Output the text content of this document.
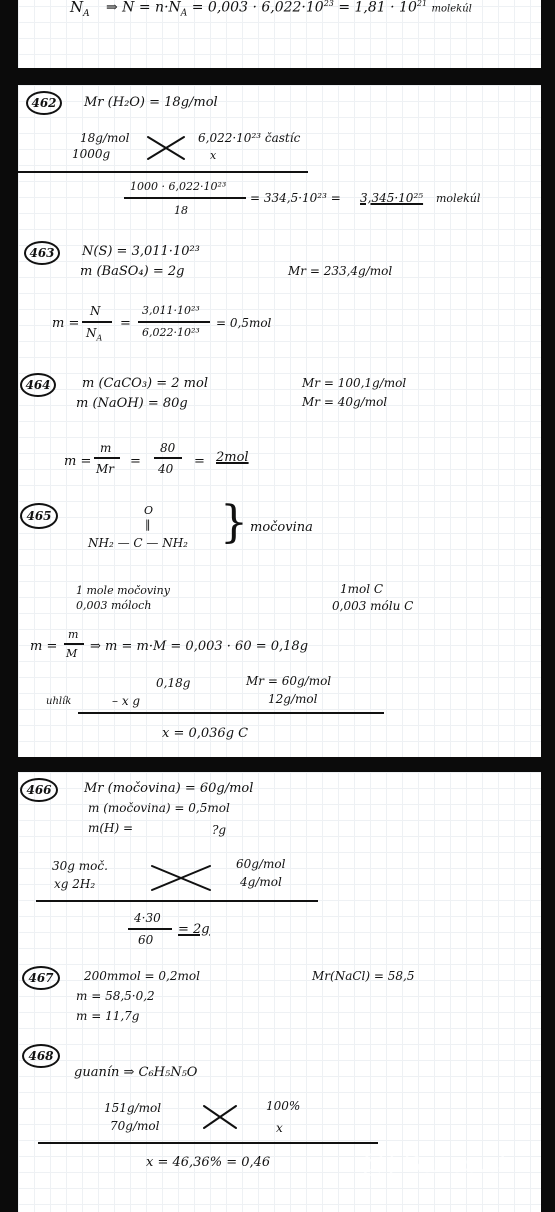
$N_A$ ⇒ $N = n\cdot N_A = 0,003 \cdot 6,022\cdot 10^{23} = 1,81 \cdot 10^{21}$ molekúl
462	Mr (H₂O) = 18g/mol
18g/mol
1000g
6,022·10²³ častíc
x
1000 · 6,022·10²³
18
= 334,5·10²³ = 3,345·10²⁵ molekúl
463	N(S) = 3,011·10²³
m (BaSO₄) = 2g	Mr = 233,4g/mol
m =
N
$N_A$
=
3,011·10²³
6,022·10²³
= 0,5mol
464	m (CaCO₃) = 2 mol
m (NaOH) = 80g
Mr = 100,1g/mol
Mr = 40g/mol
m =
m
Mr =
80
40 = 2mol
465	O
‖
NH₂ — C — NH₂ } močovina
1 mole močoviny
0,003 móloch
1mol C
0,003 mólu C
m =
m
M ⇒ m = m·M = 0,003 · 60 = 0,18g
0,18g	Mr = 60g/mol
uhlík	– x g	12g/mol
x = 0,036g C
466	Mr (močovina) = 60g/mol
m (močovina) = 0,5mol
m(H) =	?g
30g moč.
xg 2H₂
60g/mol
4g/mol
4·30
60
= 2g
467	200mmol = 0,2mol	Mr(NaCl) = 58,5
m = 58,5·0,2
m = 11,7g
468
guanín ⇒ C₆H₅N₅O
151g/mol
70g/mol
100%
x
x = 46,36% = 0,46	@( Bazos.sk
